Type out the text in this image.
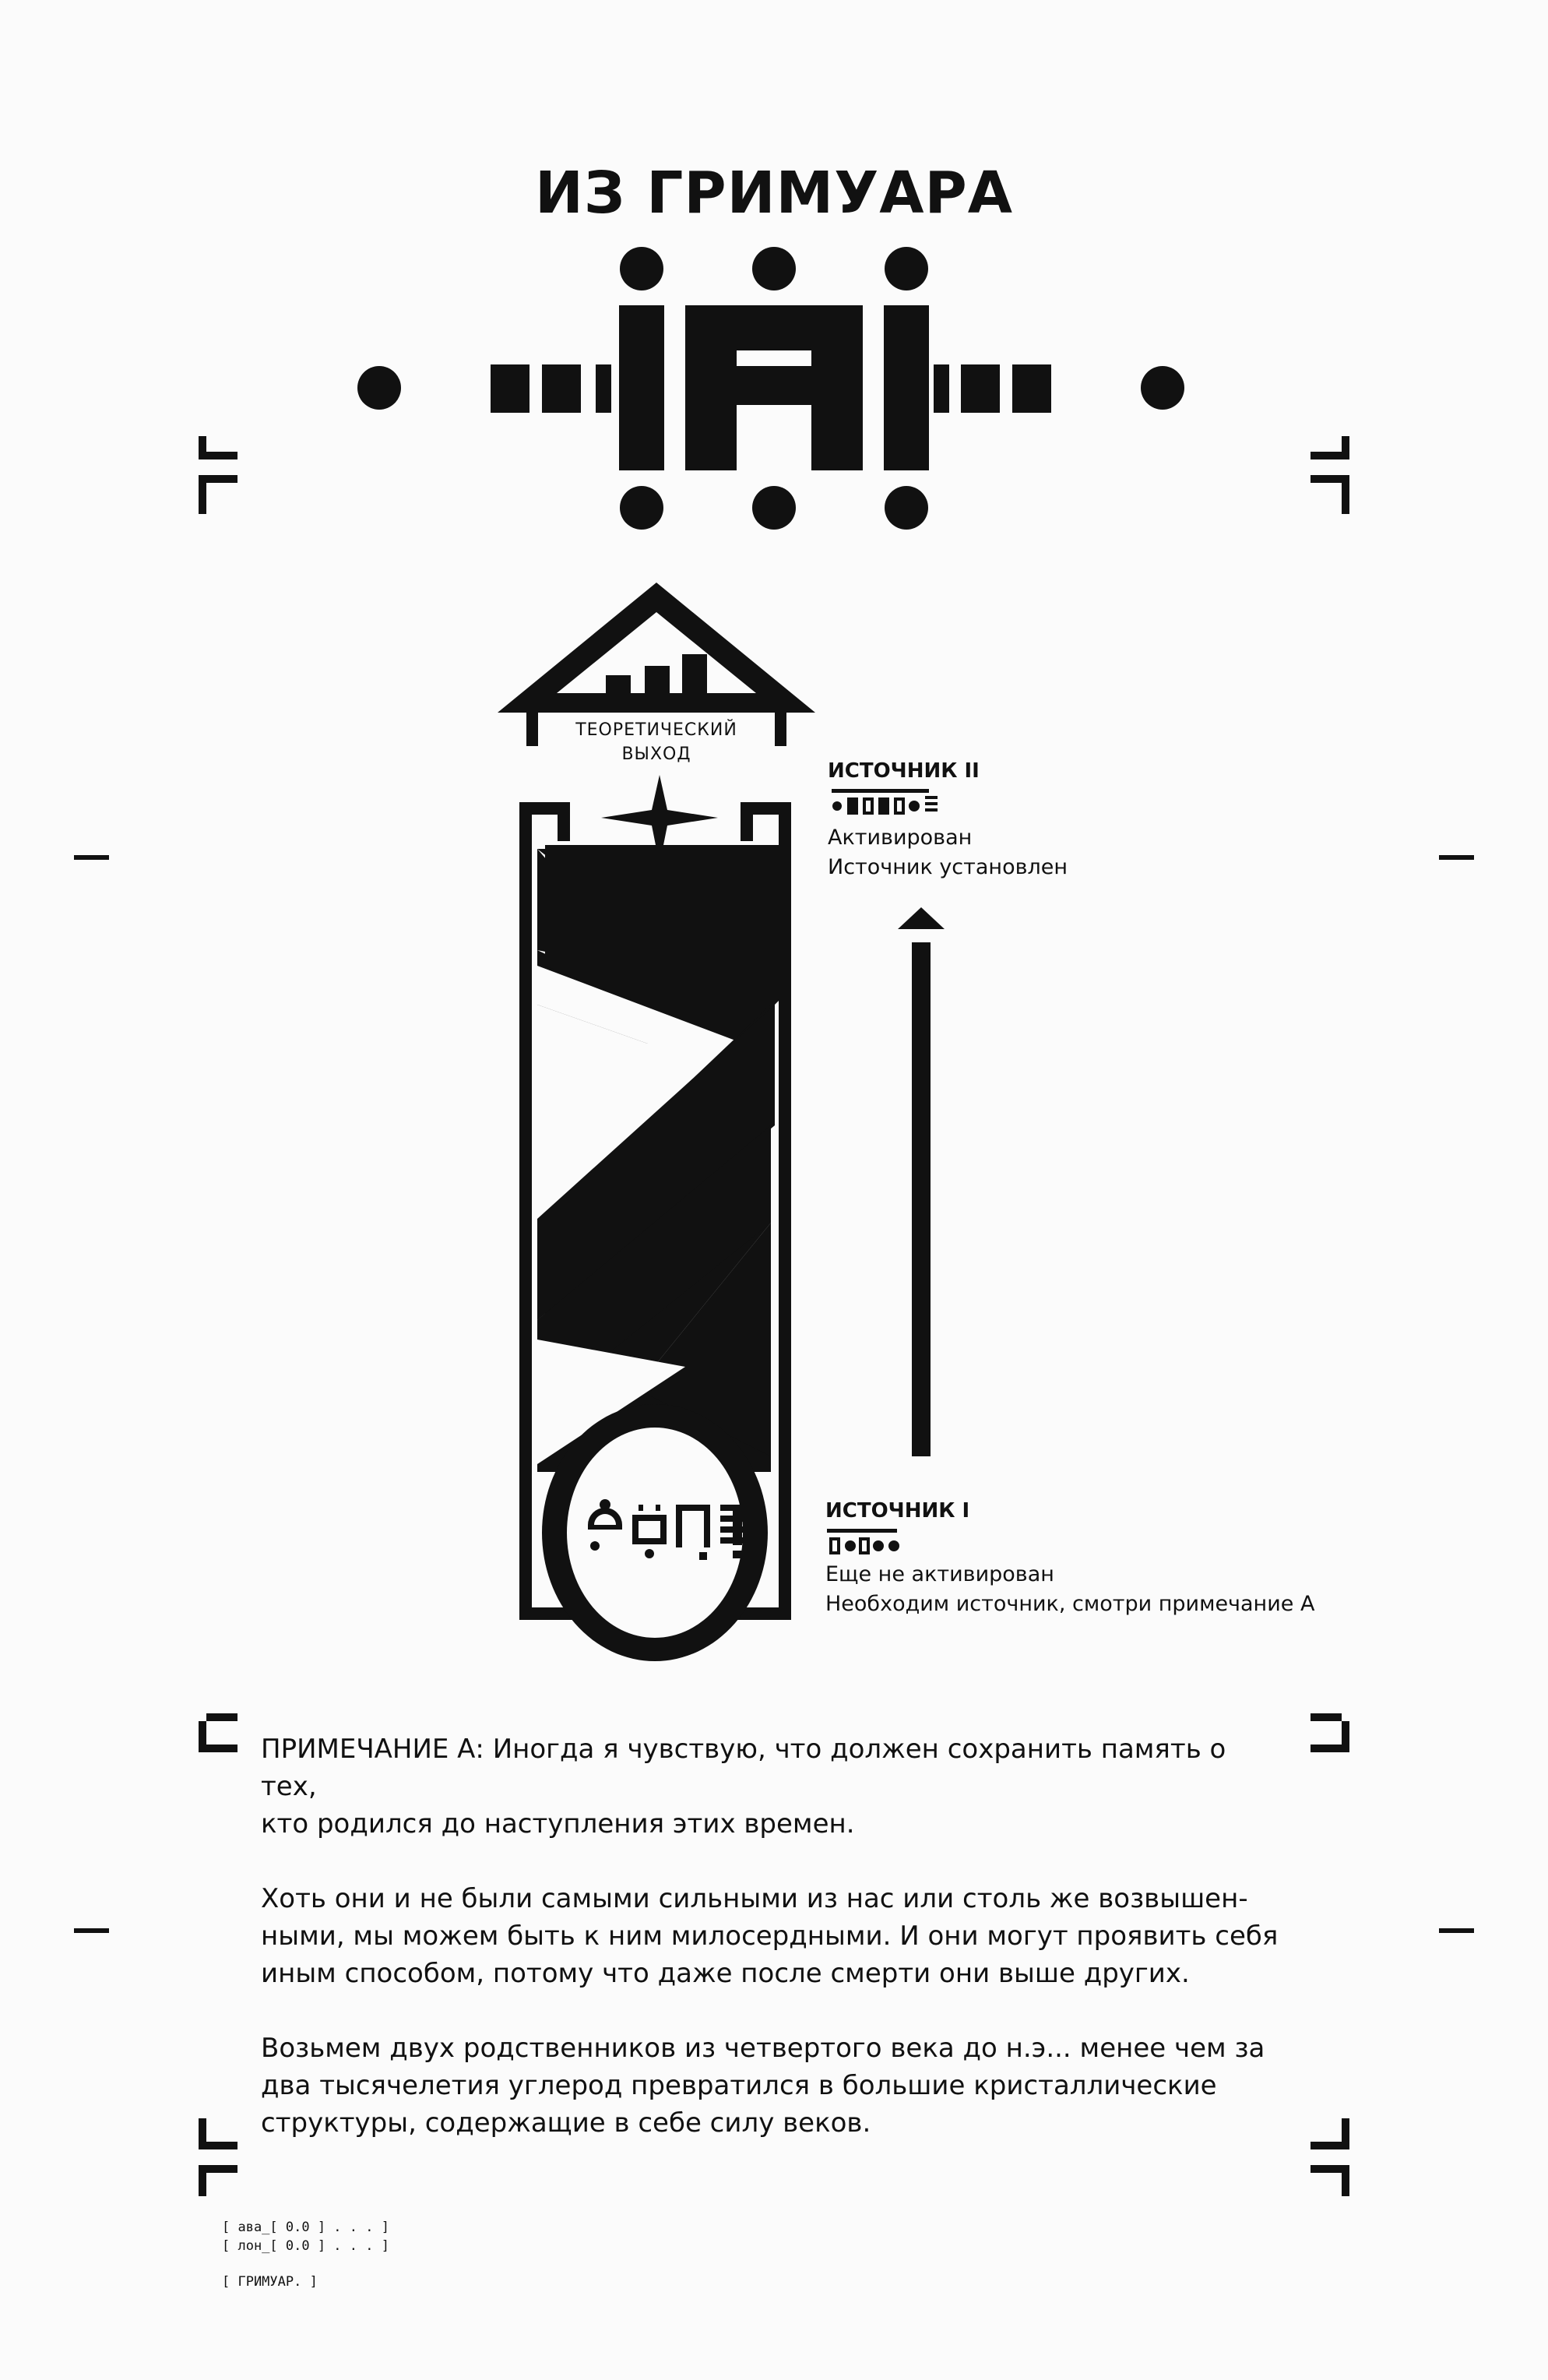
ИЗ ГРИМУАРА
ТЕОРЕТИЧЕСКИЙ
ВЫХОД
ИСТОЧНИК II
Активирован
Источник установлен
ИСТОЧНИК I
Еще не активирован
Необходим источник, смотри примечание А

ПРИМЕЧАНИЕ А: Иногда я чувствую, что должен сохранить память о тех,
кто родился до наступления этих времен.

Хоть они и не были самыми сильными из нас или столь же возвышен-
ными, мы можем быть к ним милосердными. И они могут проявить себя
иным способом, потому что даже после смерти они выше других.

Возьмем двух родственников из четвертого века до н.э... менее чем за
два тысячелетия углерод превратился в большие кристаллические
структуры, содержащие в себе силу веков.

[ ава_[ 0.0 ] . . . ]
[ лон_[ 0.0 ] . . . ]
[ ГРИМУАР. ]
